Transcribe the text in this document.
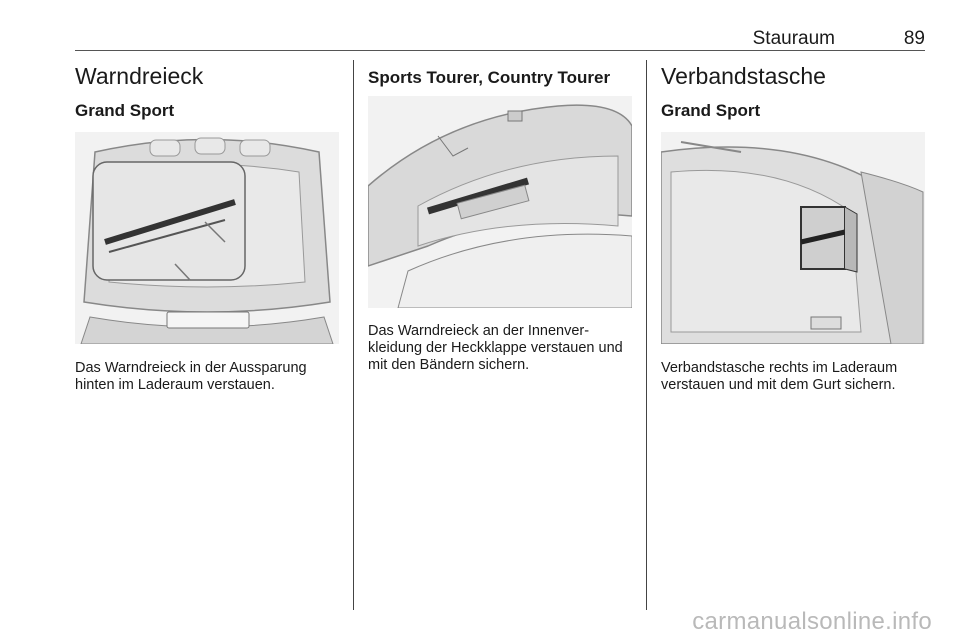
Stauraum	89
Warndreieck
Grand Sport

Das Warndreieck in der Aussparung hinten im Laderaum verstauen.

Sports Tourer, Country Tourer

Das Warndreieck an der Innenverkleidung der Heckklappe verstauen und mit den Bändern sichern.

Verbandstasche
Grand Sport

Verbandstasche rechts im Laderaum verstauen und mit dem Gurt sichern.

carmanualsonline.info
